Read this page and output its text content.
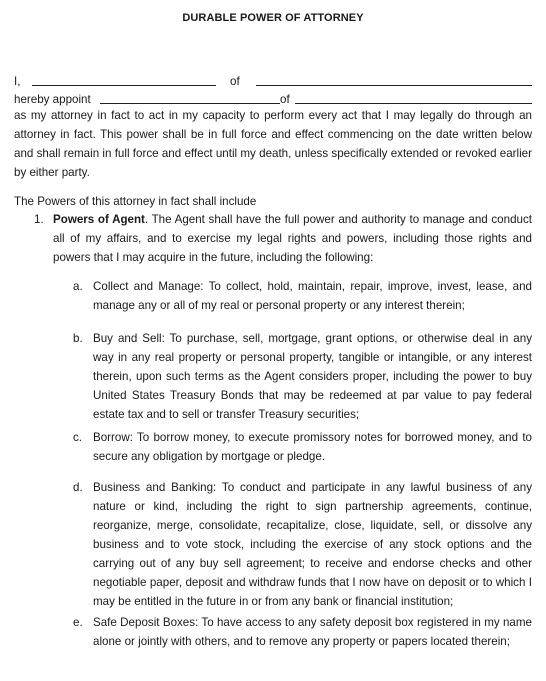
DURABLE POWER OF ATTORNEY
I,	of
hereby appoint	of
as my attorney in fact to act in my capacity to perform every act that I may legally do through an attorney in fact. This power shall be in full force and effect commencing on the date written below and shall remain in full force and effect until my death, unless specifically extended or revoked earlier by either party.
The Powers of this attorney in fact shall include
1. Powers of Agent. The Agent shall have the full power and authority to manage and conduct all of my affairs, and to exercise my legal rights and powers, including those rights and powers that I may acquire in the future, including the following:
a. Collect and Manage: To collect, hold, maintain, repair, improve, invest, lease, and manage any or all of my real or personal property or any interest therein;
b. Buy and Sell: To purchase, sell, mortgage, grant options, or otherwise deal in any way in any real property or personal property, tangible or intangible, or any interest therein, upon such terms as the Agent considers proper, including the power to buy United States Treasury Bonds that may be redeemed at par value to pay federal estate tax and to sell or transfer Treasury securities;
c. Borrow: To borrow money, to execute promissory notes for borrowed money, and to secure any obligation by mortgage or pledge.
d. Business and Banking: To conduct and participate in any lawful business of any nature or kind, including the right to sign partnership agreements, continue, reorganize, merge, consolidate, recapitalize, close, liquidate, sell, or dissolve any business and to vote stock, including the exercise of any stock options and the carrying out of any buy sell agreement; to receive and endorse checks and other negotiable paper, deposit and withdraw funds that I now have on deposit or to which I may be entitled in the future in or from any bank or financial institution;
e. Safe Deposit Boxes: To have access to any safety deposit box registered in my name alone or jointly with others, and to remove any property or papers located therein;
